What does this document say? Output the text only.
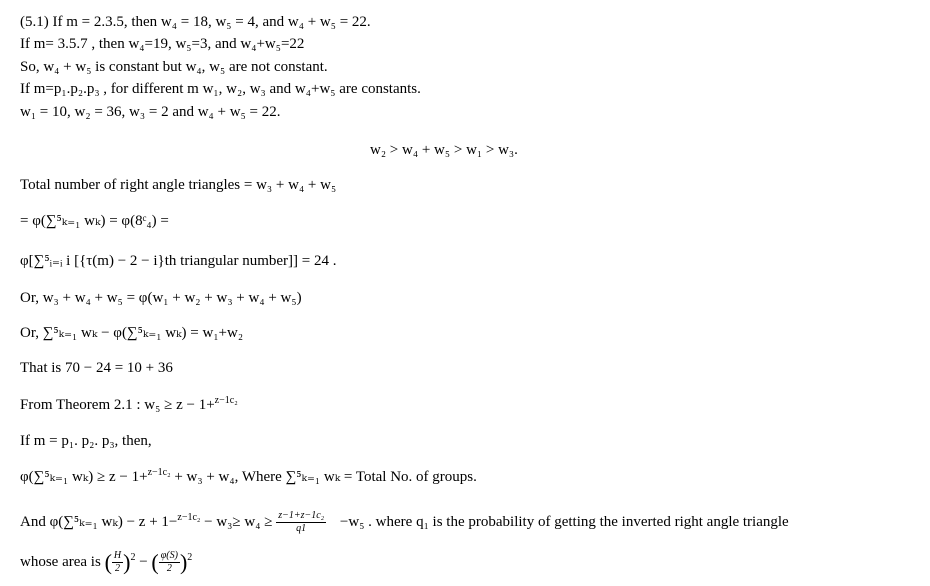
(5.1) If m = 2.3.5, then w₄ = 18, w₅ = 4, and w₄ + w₅ = 22.
If m= 3.5.7 , then w₄=19, w₅=3, and w₄+w₅=22
So, w₄ + w₅ is constant but w₄, w₅ are not constant.
If m=p₁.p₂.p₃ , for different m w₁, w₂, w₃ and w₄+w₅ are constants.
w₁ = 10, w₂ = 36, w₃ = 2 and w₄ + w₅ = 22.
w₂ > w₄ + w₅ > w₁ > w₃.
Total number of right angle triangles = w₃ + w₄ + w₅
= φ(∑⁵ₖ₌₁ wₖ) = φ(8ᶜ₄) =
φ[∑⁵ᵢ₌ᵢ i [{τ(m) − 2 − i}th triangular number]] = 24 .
Or, w₃ + w₄ + w₅ = φ(w₁ + w₂ + w₃ + w₄ + w₅)
Or, ∑⁵ₖ₌₁ wₖ − φ(∑⁵ₖ₌₁ wₖ) = w₁+w₂
That is 70 − 24 = 10 + 36
From Theorem 2.1 : w₅ ≥ z − 1+$^{z-1c_2}$
If m = p₁. p₂. p₃, then,
φ(∑⁵ₖ₌₁ wₖ) ≥ z − 1+$^{z-1c_2}$ + w₃ + w₄, Where ∑⁵ₖ₌₁ wₖ = Total No. of groups.
And φ(∑⁵ₖ₌₁ $w_k) - z + 1-^{z-1c_2} - w_3\ge w_4 \ge \frac{\text{z−1+z−1c₂}}{q1} -w_5$ . where q₁ is the probability of getting the inverted right angle triangle
whose area is ( $\frac{H}{2} )^2$ − ( $\frac{\varphi(S)}{2} )^2$
